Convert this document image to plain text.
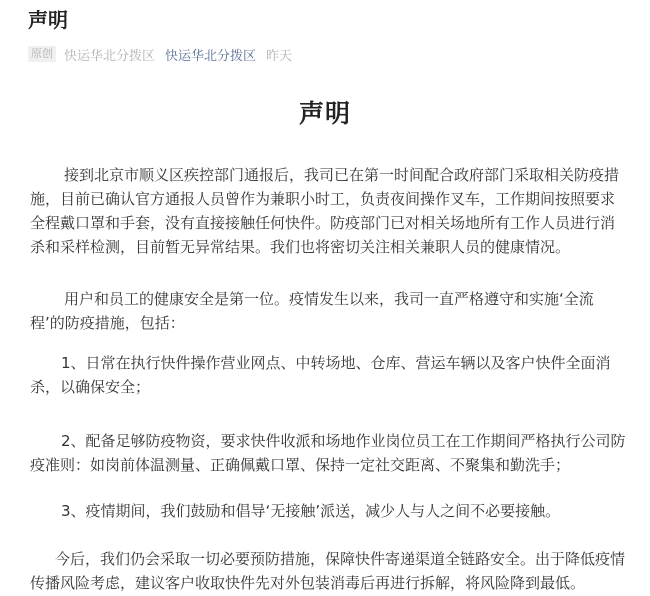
声明
原创 快运华北分拨区 快运华北分拨区 昨天
声明

接到北京市顺义区疾控部门通报后，我司已在第一时间配合政府部门采取相关防疫措施，目前已确认官方通报人员曾作为兼职小时工，负责夜间操作叉车，工作期间按照要求全程戴口罩和手套，没有直接接触任何快件。防疫部门已对相关场地所有工作人员进行消杀和采样检测，目前暂无异常结果。我们也将密切关注相关兼职人员的健康情况。

用户和员工的健康安全是第一位。疫情发生以来，我司一直严格遵守和实施‘全流程’的防疫措施，包括：

1、日常在执行快件操作营业网点、中转场地、仓库、营运车辆以及客户快件全面消杀，以确保安全；

2、配备足够防疫物资，要求快件收派和场地作业岗位员工在工作期间严格执行公司防疫准则：如岗前体温测量、正确佩戴口罩、保持一定社交距离、不聚集和勤洗手；

3、疫情期间，我们鼓励和倡导‘无接触’派送，减少人与人之间不必要接触。

今后，我们仍会采取一切必要预防措施，保障快件寄递渠道全链路安全。出于降低疫情传播风险考虑，建议客户收取快件先对外包装消毒后再进行拆解，将风险降到最低。
